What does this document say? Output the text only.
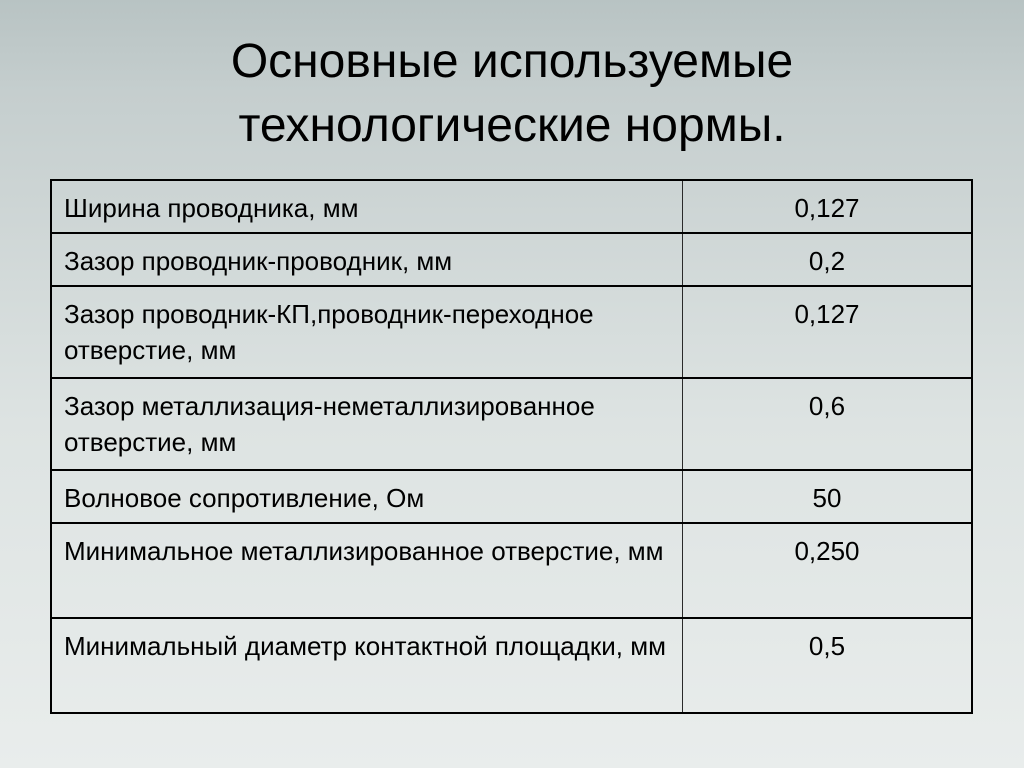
Основные используемые
технологические нормы.
Ширина проводника, мм	0,127
Зазор проводник-проводник, мм	0,2
Зазор проводник-КП,проводник-переходное отверстие, мм	0,127
Зазор металлизация-неметаллизированное отверстие, мм	0,6
Волновое сопротивление, Ом	50
Минимальное металлизированное отверстие, мм	0,250
Минимальный диаметр контактной площадки, мм	0,5
